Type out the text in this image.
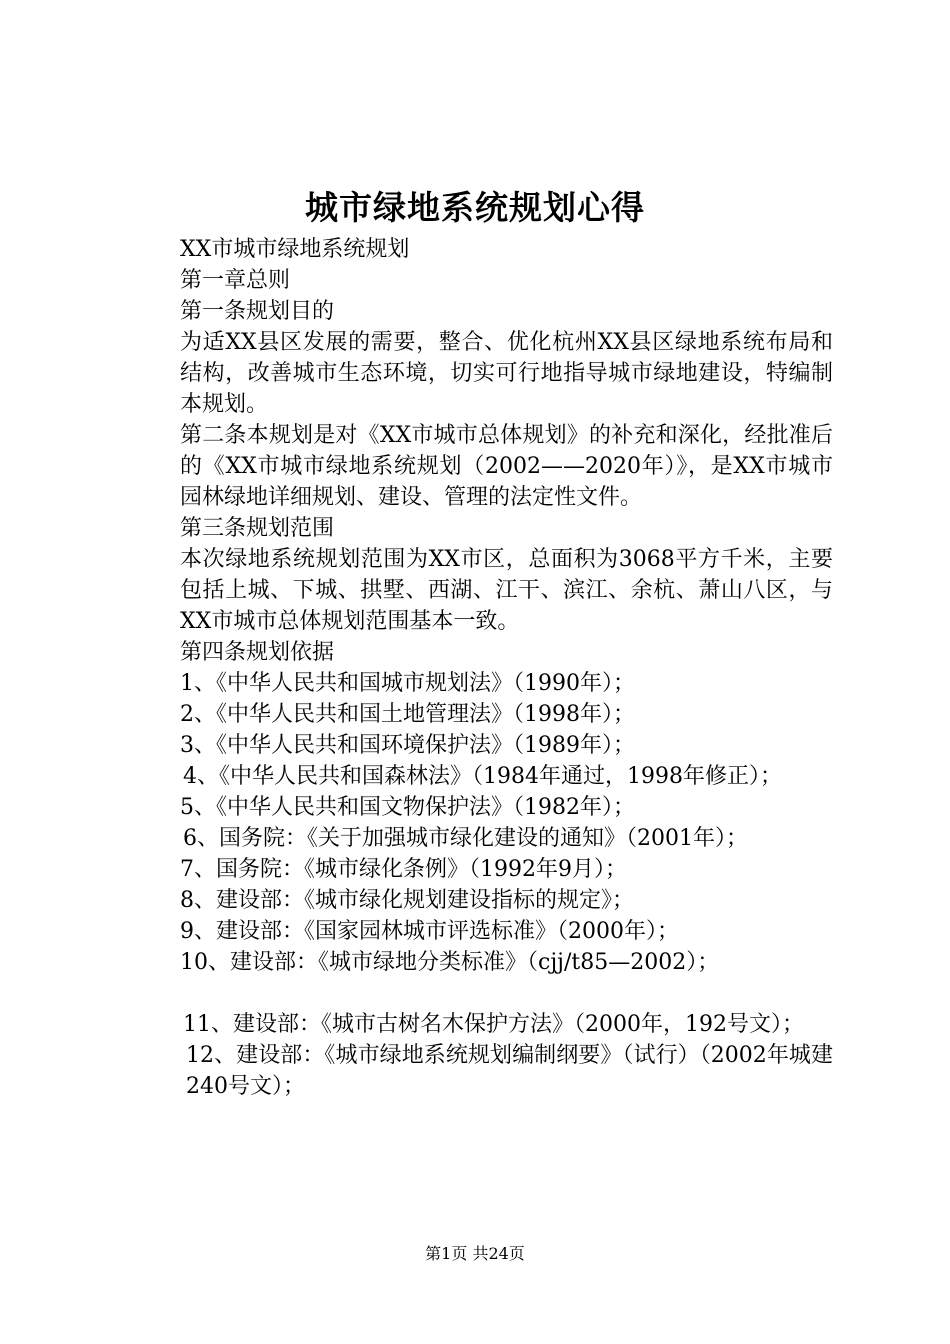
城市绿地系统规划心得

XX市城市绿地系统规划

第一章总则

第一条规划目的

为适XX县区发展的需要，整合、优化杭州XX县区绿地系统布局和结构，改善城市生态环境，切实可行地指导城市绿地建设，特编制本规划。

第二条本规划是对《XX市城市总体规划》的补充和深化，经批准后的《XX市城市绿地系统规划（2002——2020年）》，是XX市城市园林绿地详细规划、建设、管理的法定性文件。

第三条规划范围

本次绿地系统规划范围为XX市区，总面积为3068平方千米，主要包括上城、下城、拱墅、西湖、江干、滨江、余杭、萧山八区，与XX市城市总体规划范围基本一致。

第四条规划依据

1、《中华人民共和国城市规划法》（1990年）；

2、《中华人民共和国土地管理法》（1998年）；

3、《中华人民共和国环境保护法》（1989年）；

4、《中华人民共和国森林法》（1984年通过，1998年修正）；

5、《中华人民共和国文物保护法》（1982年）；

6、国务院：《关于加强城市绿化建设的通知》（2001年）；

7、国务院：《城市绿化条例》（1992年9月）；

8、建设部：《城市绿化规划建设指标的规定》；

9、建设部：《国家园林城市评选标准》（2000年）；

10、建设部：《城市绿地分类标准》（cjj/t85—2002）；

11、建设部：《城市古树名木保护方法》（2000年，192号文）；

12、建设部：《城市绿地系统规划编制纲要》（试行）（2002年城建240号文）；

第1页 共24页
